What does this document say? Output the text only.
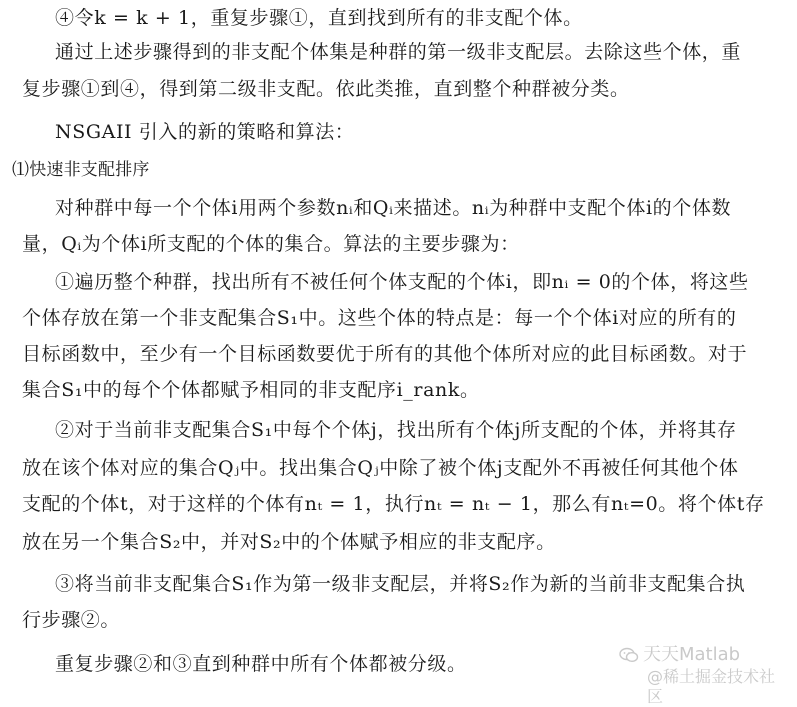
④令k = k + 1，重复步骤①，直到找到所有的非支配个体。
通过上述步骤得到的非支配个体集是种群的第一级非支配层。去除这些个体，重
复步骤①到④，得到第二级非支配。依此类推，直到整个种群被分类。
NSGAII 引入的新的策略和算法：
⑴快速非支配排序
对种群中每一个个体i用两个参数nᵢ和Qᵢ来描述。nᵢ为种群中支配个体i的个体数
量，Qᵢ为个体i所支配的个体的集合。算法的主要步骤为：
①遍历整个种群，找出所有不被任何个体支配的个体i，即nᵢ = 0的个体，将这些
个体存放在第一个非支配集合S₁中。这些个体的特点是：每一个个体i对应的所有的
目标函数中，至少有一个目标函数要优于所有的其他个体所对应的此目标函数。对于
集合S₁中的每个个体都赋予相同的非支配序i_rank。
②对于当前非支配集合S₁中每个个体j，找出所有个体j所支配的个体，并将其存
放在该个体对应的集合Qⱼ中。找出集合Qⱼ中除了被个体j支配外不再被任何其他个体
支配的个体t，对于这样的个体有nₜ = 1，执行nₜ = nₜ − 1，那么有nₜ=0。将个体t存
放在另一个集合S₂中，并对S₂中的个体赋予相应的非支配序。
③将当前非支配集合S₁作为第一级非支配层，并将S₂作为新的当前非支配集合执
行步骤②。
重复步骤②和③直到种群中所有个体都被分级。	天天Matlab
@稀土掘金技术社区
